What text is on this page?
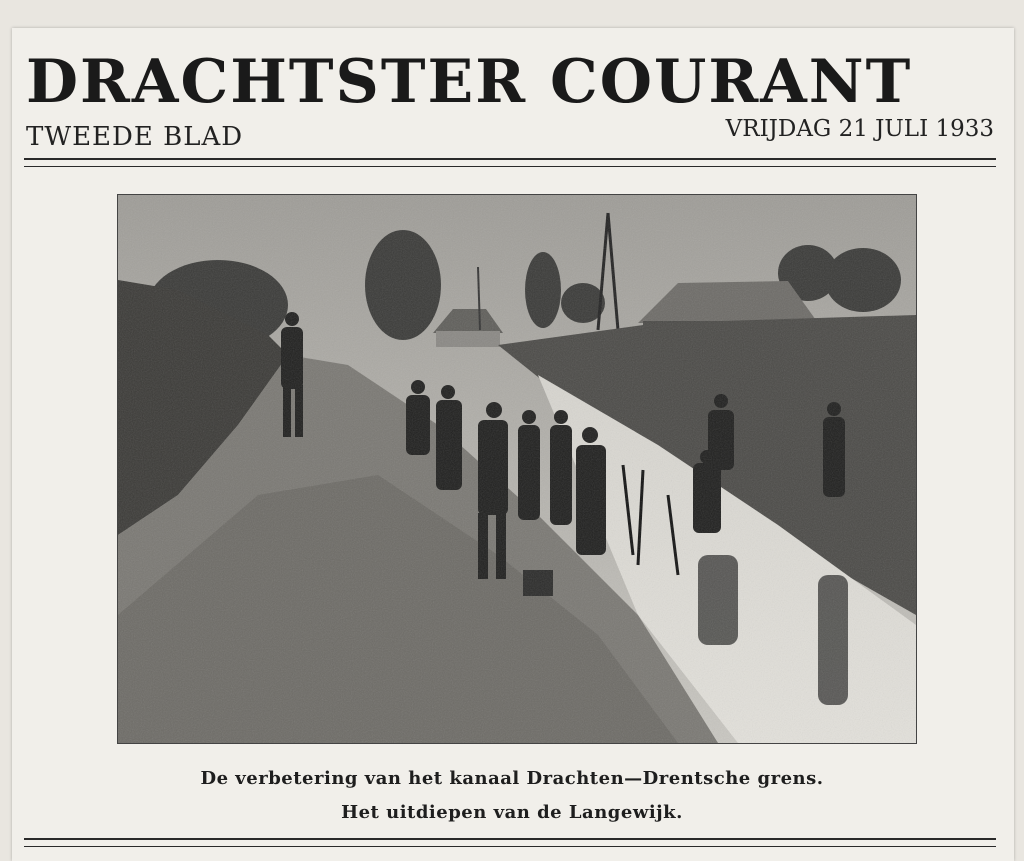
DRACHTSTER COURANT
TWEEDE BLAD	VRIJDAG 21 JULI 1933
De verbetering van het kanaal Drachten—Drentsche grens.
Het uitdiepen van de Langewijk.
